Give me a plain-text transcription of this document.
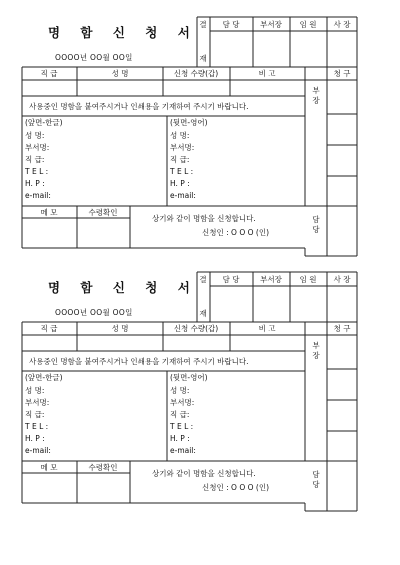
명 함 신 청 서
OOOO년 OO월 OO일
결
재
담 당	부서장 임 원 사 장
직 급	성 명	신청 수량(갑)	비 고	청 구
사용중인 명함을 붙여주시거나 인쇄용을 기재하여 주시기 바랍니다.
부
장
(앞면-한글)
성 명:
부서명:
직 급:
T E L :
H. P :
e-mail:
(뒷면-영어)
성 명:
부서명:
직 급:
T E L :
H. P :
e-mail:
메 모	수령확인
상기와 같이 명함을 신청합니다.
신청인 : O O O (인)
담
당
명 함 신 청 서
OOOO년 OO월 OO일
결
재
담 당	부서장 임 원 사 장
직 급	성 명	신청 수량(갑)	비 고	청 구
사용중인 명함을 붙여주시거나 인쇄용을 기재하여 주시기 바랍니다.
부
장
(앞면-한글)
성 명:
부서명:
직 급:
T E L :
H. P :
e-mail:
(뒷면-영어)
성 명:
부서명:
직 급:
T E L :
H. P :
e-mail:
메 모	수령확인
상기와 같이 명함을 신청합니다.
신청인 : O O O (인)
담
당
